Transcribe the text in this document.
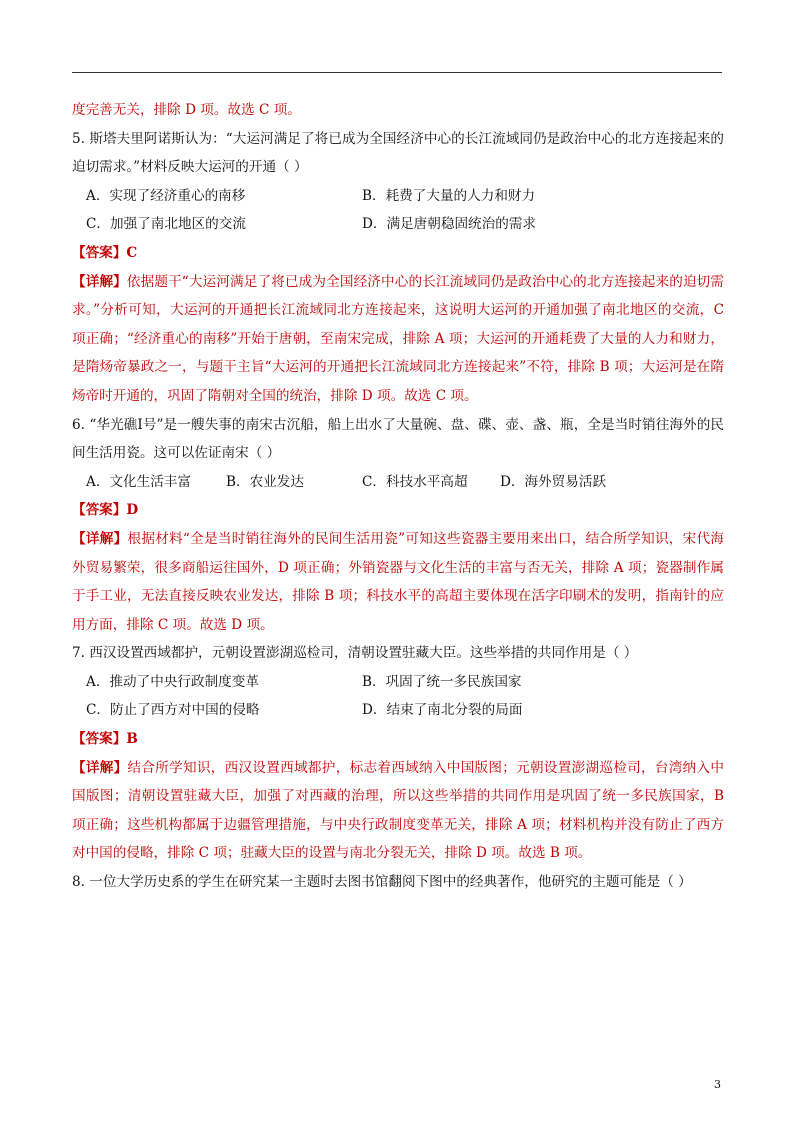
度完善无关，排除 D 项。故选 C 项。

5. 斯塔夫里阿诺斯认为：“大运河满足了将已成为全国经济中心的长江流域同仍是政治中心的北方连接起来的迫切需求。”材料反映大运河的开通（ ）

A．实现了经济重心的南移	B．耗费了大量的人力和财力
C．加强了南北地区的交流	D．满足唐朝稳固统治的需求

【答案】C

【详解】依据题干“大运河满足了将已成为全国经济中心的长江流域同仍是政治中心的北方连接起来的迫切需求。”分析可知，大运河的开通把长江流域同北方连接起来，这说明大运河的开通加强了南北地区的交流，C 项正确；“经济重心的南移”开始于唐朝，至南宋完成，排除 A 项；大运河的开通耗费了大量的人力和财力，是隋炀帝暴政之一，与题干主旨“大运河的开通把长江流域同北方连接起来”不符，排除 B 项；大运河是在隋炀帝时开通的，巩固了隋朝对全国的统治，排除 D 项。故选 C 项。

6. “华光礁Ⅰ号”是一艘失事的南宋古沉船，船上出水了大量碗、盘、碟、壶、盏、瓶，全是当时销往海外的民间生活用瓷。这可以佐证南宋（ ）

A．文化生活丰富	B．农业发达	C．科技水平高超	D．海外贸易活跃

【答案】D

【详解】根据材料“全是当时销往海外的民间生活用瓷”可知这些瓷器主要用来出口，结合所学知识，宋代海外贸易繁荣，很多商船运往国外，D 项正确；外销瓷器与文化生活的丰富与否无关，排除 A 项；瓷器制作属于手工业，无法直接反映农业发达，排除 B 项；科技水平的高超主要体现在活字印刷术的发明，指南针的应用方面，排除 C 项。故选 D 项。

7. 西汉设置西域都护，元朝设置澎湖巡检司，清朝设置驻藏大臣。这些举措的共同作用是（ ）

A．推动了中央行政制度变革	B．巩固了统一多民族国家
C．防止了西方对中国的侵略	D．结束了南北分裂的局面

【答案】B

【详解】结合所学知识，西汉设置西域都护，标志着西域纳入中国版图；元朝设置澎湖巡检司，台湾纳入中国版图；清朝设置驻藏大臣，加强了对西藏的治理，所以这些举措的共同作用是巩固了统一多民族国家，B 项正确；这些机构都属于边疆管理措施，与中央行政制度变革无关，排除 A 项；材料机构并没有防止了西方对中国的侵略，排除 C 项；驻藏大臣的设置与南北分裂无关，排除 D 项。故选 B 项。

8. 一位大学历史系的学生在研究某一主题时去图书馆翻阅下图中的经典著作，他研究的主题可能是（ ）

3
